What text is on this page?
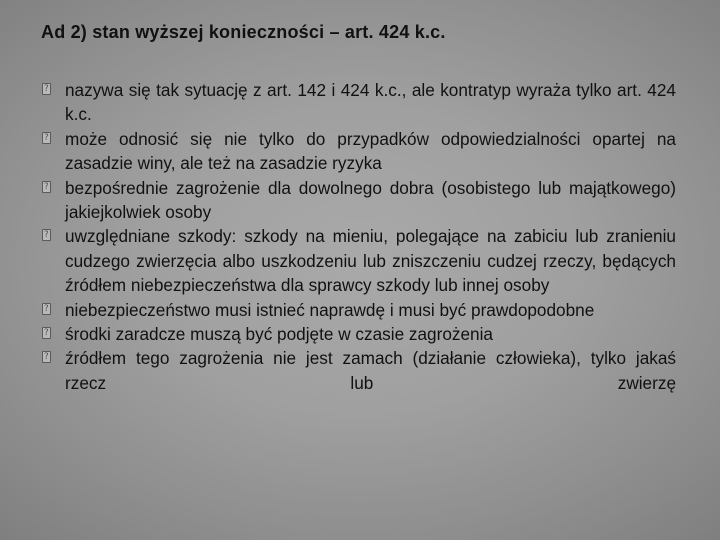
Ad 2) stan wyższej konieczności – art. 424 k.c.
?
nazywa się tak sytuację z art. 142 i 424 k.c., ale kontratyp wyraża tylko art. 424 k.c.
?
może odnosić się nie tylko do przypadków odpowiedzialności opartej na zasadzie winy, ale też na zasadzie ryzyka
?
bezpośrednie zagrożenie dla dowolnego dobra (osobistego lub majątkowego) jakiejkolwiek osoby
?
uwzględniane szkody: szkody na mieniu, polegające na zabiciu lub zranieniu cudzego zwierzęcia albo uszkodzeniu lub zniszczeniu cudzej rzeczy, będących źródłem niebezpieczeństwa dla sprawcy szkody lub innej osoby
?
niebezpieczeństwo musi istnieć naprawdę i musi być prawdopodobne
?
środki zaradcze muszą być podjęte w czasie zagrożenia
?
źródłem tego zagrożenia nie jest zamach (działanie człowieka), tylko jakaś rzecz lub zwierzę
